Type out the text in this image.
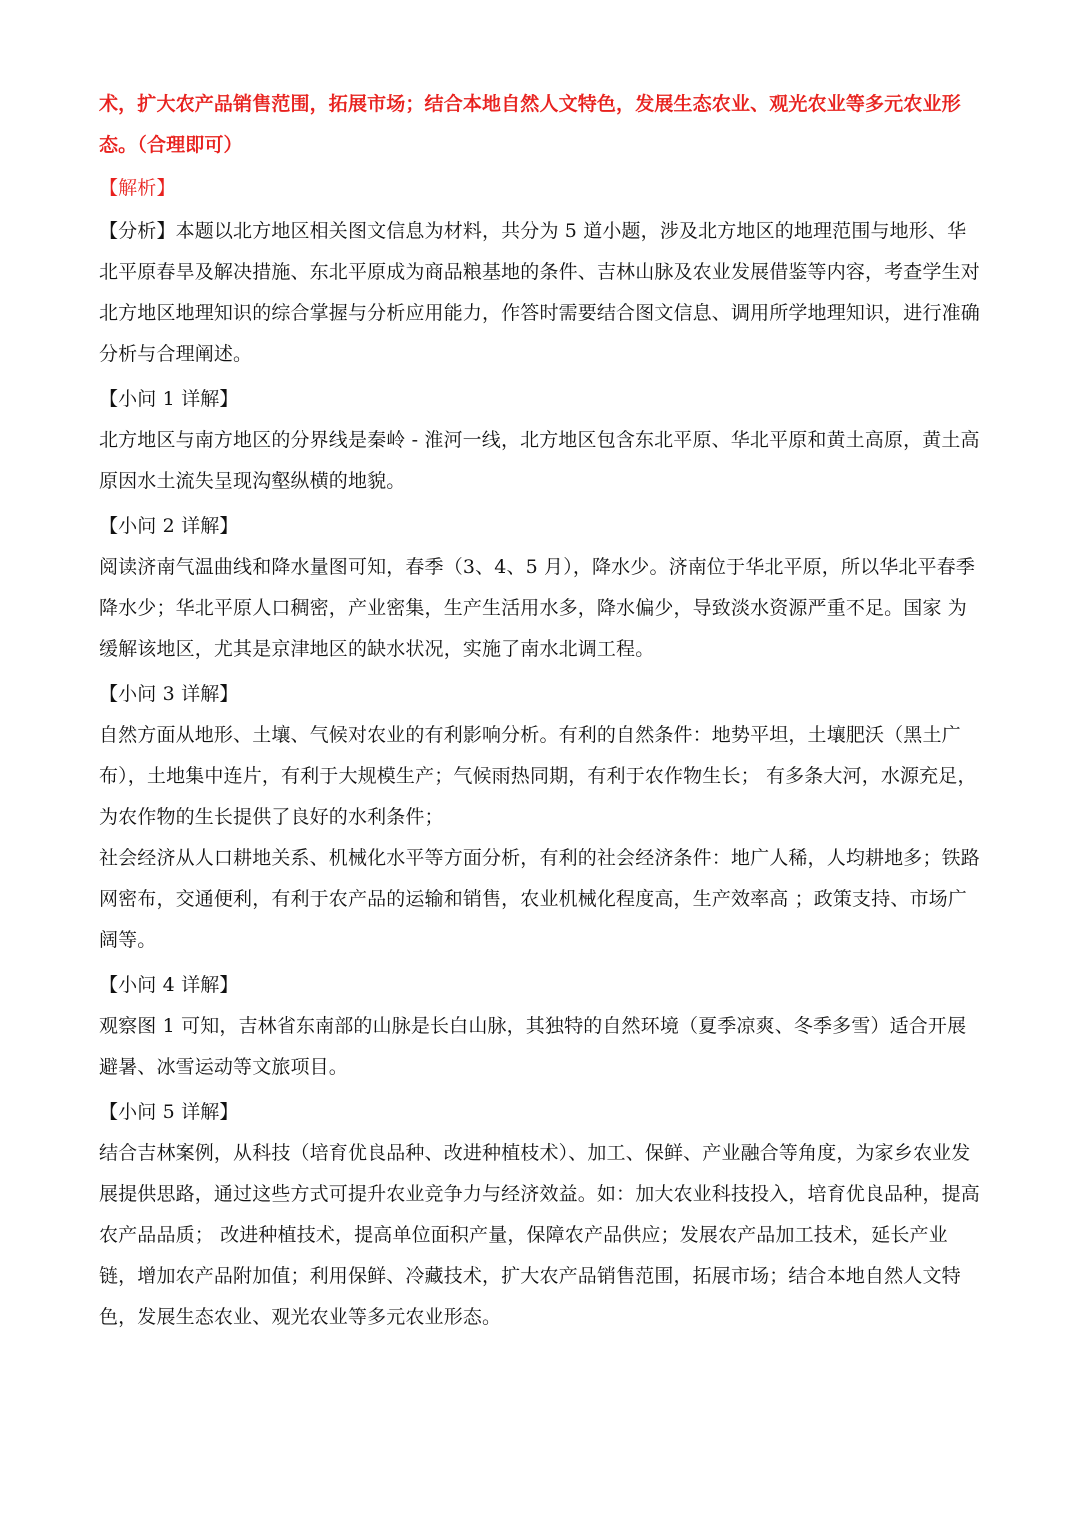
术，扩大农产品销售范围，拓展市场；结合本地自然人文特色，发展生态农业、观光农业等多元农业形态。（合理即可）

【解析】

【分析】本题以北方地区相关图文信息为材料，共分为 5 道小题，涉及北方地区的地理范围与地形、华北平原春旱及解决措施、东北平原成为商品粮基地的条件、吉林山脉及农业发展借鉴等内容，考查学生对北方地区地理知识的综合掌握与分析应用能力，作答时需要结合图文信息、调用所学地理知识，进行准确分析与合理阐述。

【小问 1 详解】

北方地区与南方地区的分界线是秦岭 - 淮河一线，北方地区包含东北平原、华北平原和黄土高原，黄土高原因水土流失呈现沟壑纵横的地貌。

【小问 2 详解】

阅读济南气温曲线和降水量图可知，春季（3、4、5 月），降水少。济南位于华北平原，所以华北平春季降水少；华北平原人口稠密，产业密集，生产生活用水多，降水偏少，导致淡水资源严重不足。国家 为缓解该地区，尤其是京津地区的缺水状况，实施了南水北调工程。

【小问 3 详解】

自然方面从地形、土壤、气候对农业的有利影响分析。有利的自然条件：地势平坦，土壤肥沃（黑土广布），土地集中连片，有利于大规模生产；气候雨热同期，有利于农作物生长； 有多条大河，水源充足，为农作物的生长提供了良好的水利条件；

社会经济从人口耕地关系、机械化水平等方面分析，有利的社会经济条件：地广人稀，人均耕地多；铁路网密布，交通便利，有利于农产品的运输和销售，农业机械化程度高，生产效率高 ；政策支持、市场广阔等。

【小问 4 详解】

观察图 1 可知，吉林省东南部的山脉是长白山脉，其独特的自然环境（夏季凉爽、冬季多雪）适合开展避暑、冰雪运动等文旅项目。

【小问 5 详解】

结合吉林案例，从科技（培育优良品种、改进种植枝术）、加工、保鲜、产业融合等角度，为家乡农业发展提供思路，通过这些方式可提升农业竞争力与经济效益。如：加大农业科技投入，培育优良品种，提高农产品品质； 改进种植技术，提高单位面积产量，保障农产品供应；发展农产品加工技术，延长产业链，增加农产品附加值；利用保鲜、冷藏技术，扩大农产品销售范围，拓展市场；结合本地自然人文特色，发展生态农业、观光农业等多元农业形态。
